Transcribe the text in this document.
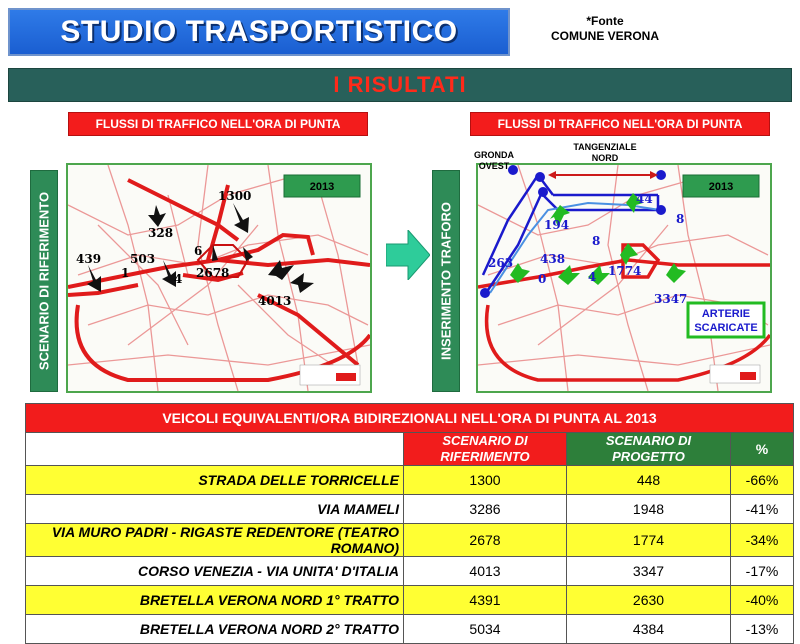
STUDIO TRASPORTISTICO	*Fonte
COMUNE VERONA
I RISULTATI
FLUSSI DI TRAFFICO NELL'ORA DI PUNTA	FLUSSI DI TRAFFICO NELL'ORA DI PUNTA
SCENARIO DI RIFERIMENTO	INSERIMENTO TRAFORO
2013
1300
328
6
439 503
1	4 2678
4013
2013
44
8
194
8
263 438
0	4 1774
3347
ARTERIE
SCARICATE
GRONDA
OVEST
TANGENZIALE
NORD
VEICOLI EQUIVALENTI/ORA BIDIREZIONALI NELL'ORA DI PUNTA AL 2013			
	SCENARIO DI RIFERIMENTO	SCENARIO DI PROGETTO	%
STRADA DELLE TORRICELLE	1300	448	-66%
VIA MAMELI	3286	1948	-41%
VIA MURO PADRI - RIGASTE REDENTORE (TEATRO ROMANO)	2678	1774	-34%
CORSO VENEZIA - VIA UNITA' D'ITALIA	4013	3347	-17%
BRETELLA VERONA NORD 1° TRATTO	4391	2630	-40%
BRETELLA VERONA NORD 2° TRATTO	5034	4384	-13%
